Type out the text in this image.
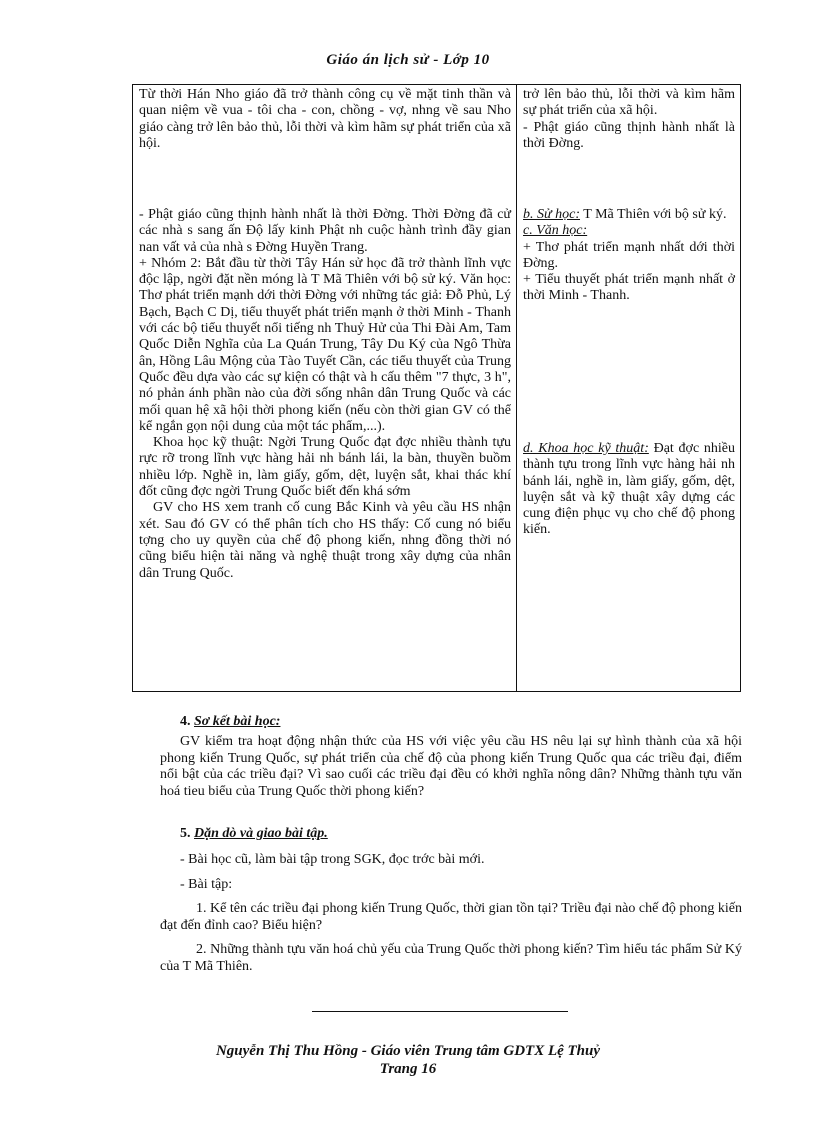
Giáo án lịch sử - Lớp 10
Từ thời Hán Nho giáo đã trở thành công cụ về mặt tinh thần và quan niệm về vua - tôi cha - con, chồng - vợ, nhng về sau Nho giáo càng trở lên bảo thủ, lỗi thời và kìm hãm sự phát triển của xã hội.

- Phật giáo cũng thịnh hành nhất là thời Đờng. Thời Đờng đã cử các nhà s sang ấn Độ lấy kinh Phật nh cuộc hành trình đầy gian nan vất vả của nhà s Đờng Huyền Trang.

+ Nhóm 2: Bắt đầu từ thời Tây Hán sử học đã trở thành lĩnh vực độc lập, ngời đặt nền móng là T Mã Thiên với bộ sử ký. Văn học: Thơ phát triển mạnh dới thời Đờng với những tác giả: Đỗ Phủ, Lý Bạch, Bạch C Dị, tiểu thuyết phát triển mạnh ở thời Minh - Thanh với các bộ tiểu thuyết nổi tiếng nh Thuỷ Hử của Thi Đài Am, Tam Quốc Diễn Nghĩa của La Quán Trung, Tây Du Ký của Ngô Thừa ân, Hồng Lâu Mộng của Tào Tuyết Cần, các tiểu thuyết của Trung Quốc đều dựa vào các sự kiện có thật và h cấu thêm "7 thực, 3 h", nó phản ánh phần nào của đời sống nhân dân Trung Quốc và các mối quan hệ xã hội thời phong kiến (nếu còn thời gian GV có thể kể ngắn gọn nội dung của một tác phẩm,...).

Khoa học kỹ thuật: Ngời Trung Quốc đạt đợc nhiều thành tựu rực rỡ trong lĩnh vực hàng hải nh bánh lái, la bàn, thuyền buồm nhiều lớp. Nghề in, làm giấy, gốm, dệt, luyện sắt, khai thác khí đốt cũng đợc ngời Trung Quốc biết đến khá sớm

GV cho HS xem tranh cố cung Bắc Kinh và yêu cầu HS nhận xét. Sau đó GV có thể phân tích cho HS thấy: Cố cung nó biểu tợng cho uy quyền của chế độ phong kiến, nhng đồng thời nó cũng biểu hiện tài năng và nghệ thuật trong xây dựng của nhân dân Trung Quốc.

trở lên bảo thủ, lỗi thời và kìm hãm sự phát triển của xã hội.

- Phật giáo cũng thịnh hành nhất là thời Đờng.

b. Sử học: T Mã Thiên với bộ sử ký.

c. Văn học:

+ Thơ phát triển mạnh nhất dới thời Đờng.

+ Tiểu thuyết phát triển mạnh nhất ở thời Minh - Thanh.

d. Khoa học kỹ thuật: Đạt đợc nhiều thành tựu trong lĩnh vực hàng hải nh bánh lái, nghề in, làm giấy, gốm, dệt, luyện sắt và kỹ thuật xây dựng các cung điện phục vụ cho chế độ phong kiến.

4. Sơ kết bài học:

GV kiểm tra hoạt động nhận thức của HS với việc yêu cầu HS nêu lại sự hình thành của xã hội phong kiến Trung Quốc, sự phát triển của chế độ của phong kiến Trung Quốc qua các triều đại, điểm nổi bật của các triều đại? Vì sao cuối các triều đại đều có khởi nghĩa nông dân? Những thành tựu văn hoá tieu biểu của Trung Quốc thời phong kiến?

5. Dặn dò và giao bài tập.

- Bài học cũ, làm bài tập trong SGK, đọc trớc bài mới.

- Bài tập:

1. Kể tên các triều đại phong kiến Trung Quốc, thời gian tồn tại? Triều đại nào chế độ phong kiến đạt đến đỉnh cao? Biểu hiện?

2. Những thành tựu văn hoá chủ yếu của Trung Quốc thời phong kiến? Tìm hiểu tác phẩm Sử Ký của T Mã Thiên.

Nguyễn Thị Thu Hồng - Giáo viên Trung tâm GDTX Lệ Thuỷ
Trang 16
